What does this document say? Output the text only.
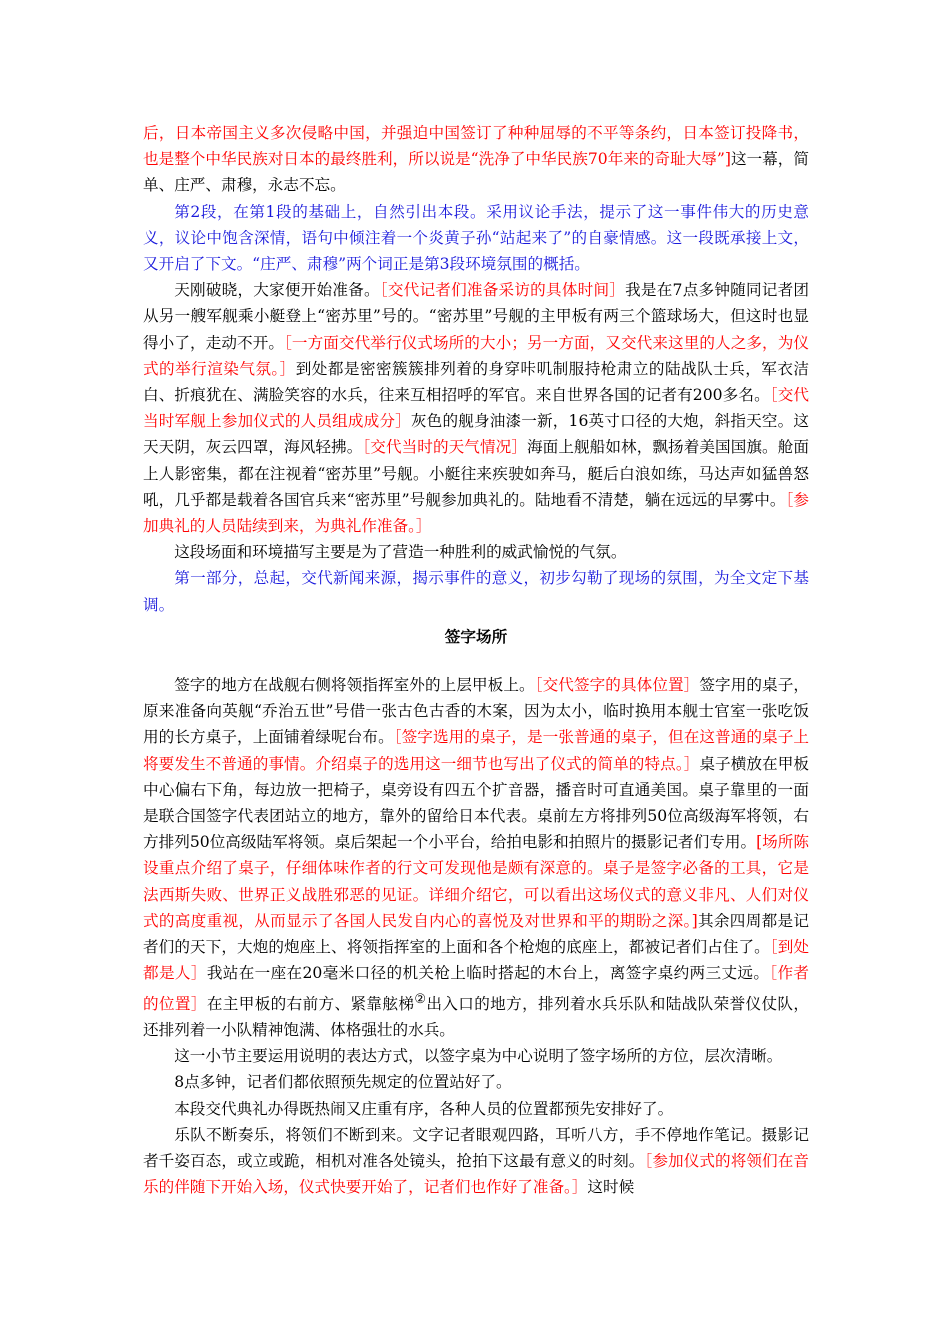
后，日本帝国主义多次侵略中国，并强迫中国签订了种种屈辱的不平等条约，日本签订投降书，也是整个中华民族对日本的最终胜利，所以说是“洗净了中华民族70年来的奇耻大辱”]这一幕，简单、庄严、肃穆，永志不忘。

第2段，在第1段的基础上，自然引出本段。采用议论手法，提示了这一事件伟大的历史意义，议论中饱含深情，语句中倾注着一个炎黄子孙“站起来了”的自豪情感。这一段既承接上文，又开启了下文。“庄严、肃穆”两个词正是第3段环境氛围的概括。

天刚破晓，大家便开始准备。［交代记者们准备采访的具体时间］我是在7点多钟随同记者团从另一艘军舰乘小艇登上“密苏里”号的。“密苏里”号舰的主甲板有两三个篮球场大，但这时也显得小了，走动不开。［一方面交代举行仪式场所的大小；另一方面，又交代来这里的人之多，为仪式的举行渲染气氛。］到处都是密密簇簇排列着的身穿咔叽制服持枪肃立的陆战队士兵，军衣洁白、折痕犹在、满脸笑容的水兵，往来互相招呼的军官。来自世界各国的记者有200多名。［交代当时军舰上参加仪式的人员组成成分］灰色的舰身油漆一新，16英寸口径的大炮，斜指天空。这天天阴，灰云四罩，海风轻拂。［交代当时的天气情况］海面上舰船如林，飘扬着美国国旗。舱面上人影密集，都在注视着“密苏里”号舰。小艇往来疾驶如奔马，艇后白浪如练，马达声如猛兽怒吼，几乎都是载着各国官兵来“密苏里”号舰参加典礼的。陆地看不清楚，躺在远远的早雾中。［参加典礼的人员陆续到来，为典礼作准备。］

这段场面和环境描写主要是为了营造一种胜利的威武愉悦的气氛。

第一部分，总起，交代新闻来源，揭示事件的意义，初步勾勒了现场的氛围，为全文定下基调。

签字场所

签字的地方在战舰右侧将领指挥室外的上层甲板上。［交代签字的具体位置］签字用的桌子，原来准备向英舰“乔治五世”号借一张古色古香的木案，因为太小，临时换用本舰士官室一张吃饭用的长方桌子，上面铺着绿呢台布。［签字选用的桌子，是一张普通的桌子，但在这普通的桌子上将要发生不普通的事情。介绍桌子的选用这一细节也写出了仪式的简单的特点。］桌子横放在甲板中心偏右下角，每边放一把椅子，桌旁设有四五个扩音器，播音时可直通美国。桌子靠里的一面是联合国签字代表团站立的地方，靠外的留给日本代表。桌前左方将排列50位高级海军将领，右方排列50位高级陆军将领。桌后架起一个小平台，给拍电影和拍照片的摄影记者们专用。[场所陈设重点介绍了桌子，仔细体味作者的行文可发现他是颇有深意的。桌子是签字必备的工具，它是法西斯失败、世界正义战胜邪恶的见证。详细介绍它，可以看出这场仪式的意义非凡、人们对仪式的高度重视，从而显示了各国人民发自内心的喜悦及对世界和平的期盼之深。]其余四周都是记者们的天下，大炮的炮座上、将领指挥室的上面和各个枪炮的底座上，都被记者们占住了。［到处都是人］我站在一座在20毫米口径的机关枪上临时搭起的木台上，离签字桌约两三丈远。［作者的位置］在主甲板的右前方、紧靠舷梯②出入口的地方，排列着水兵乐队和陆战队荣誉仪仗队，还排列着一小队精神饱满、体格强壮的水兵。

这一小节主要运用说明的表达方式，以签字桌为中心说明了签字场所的方位，层次清晰。

8点多钟，记者们都依照预先规定的位置站好了。

本段交代典礼办得既热闹又庄重有序，各种人员的位置都预先安排好了。

乐队不断奏乐，将领们不断到来。文字记者眼观四路，耳听八方，手不停地作笔记。摄影记者千姿百态，或立或跪，相机对准各处镜头，抢拍下这最有意义的时刻。［参加仪式的将领们在音乐的伴随下开始入场，仪式快要开始了，记者们也作好了准备。］这时候
